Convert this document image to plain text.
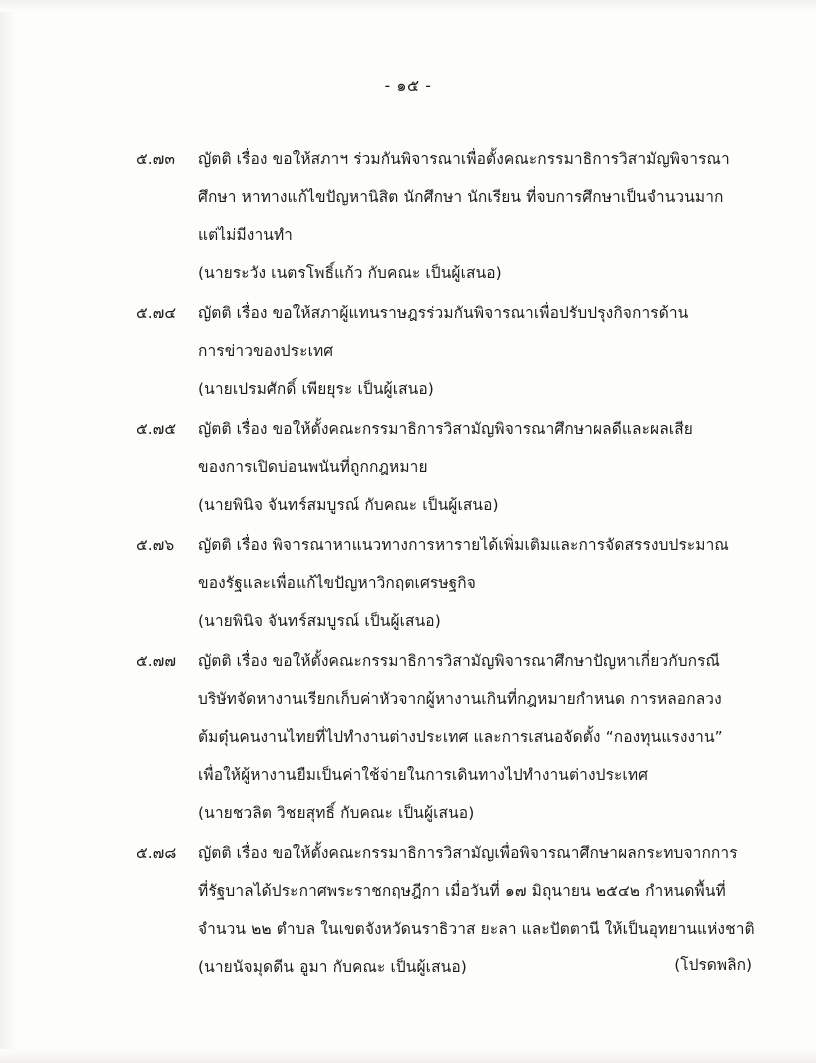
- ๑๕ -
๕.๗๓	ญัตติ เรื่อง ขอให้สภาฯ ร่วมกันพิจารณาเพื่อตั้งคณะกรรมาธิการวิสามัญพิจารณา
ศึกษา หาทางแก้ไขปัญหานิสิต นักศึกษา นักเรียน ที่จบการศึกษาเป็นจำนวนมาก
แต่ไม่มีงานทำ
(นายระวัง เนตรโพธิ์แก้ว กับคณะ เป็นผู้เสนอ)
๕.๗๔	ญัตติ เรื่อง ขอให้สภาผู้แทนราษฎรร่วมกันพิจารณาเพื่อปรับปรุงกิจการด้าน
การข่าวของประเทศ
(นายเปรมศักดิ์ เพียยุระ เป็นผู้เสนอ)
๕.๗๕	ญัตติ เรื่อง ขอให้ตั้งคณะกรรมาธิการวิสามัญพิจารณาศึกษาผลดีและผลเสีย
ของการเปิดบ่อนพนันที่ถูกกฎหมาย
(นายพินิจ จันทร์สมบูรณ์ กับคณะ เป็นผู้เสนอ)
๕.๗๖	ญัตติ เรื่อง พิจารณาหาแนวทางการหารายได้เพิ่มเติมและการจัดสรรงบประมาณ
ของรัฐและเพื่อแก้ไขปัญหาวิกฤตเศรษฐกิจ
(นายพินิจ จันทร์สมบูรณ์ เป็นผู้เสนอ)
๕.๗๗	ญัตติ เรื่อง ขอให้ตั้งคณะกรรมาธิการวิสามัญพิจารณาศึกษาปัญหาเกี่ยวกับกรณี
บริษัทจัดหางานเรียกเก็บค่าหัวจากผู้หางานเกินที่กฎหมายกำหนด การหลอกลวง
ต้มตุ๋นคนงานไทยที่ไปทำงานต่างประเทศ และการเสนอจัดตั้ง “กองทุนแรงงาน”
เพื่อให้ผู้หางานยืมเป็นค่าใช้จ่ายในการเดินทางไปทำงานต่างประเทศ
(นายชวลิต วิชยสุทธิ์ กับคณะ เป็นผู้เสนอ)
๕.๗๘	ญัตติ เรื่อง ขอให้ตั้งคณะกรรมาธิการวิสามัญเพื่อพิจารณาศึกษาผลกระทบจากการ
ที่รัฐบาลได้ประกาศพระราชกฤษฎีกา เมื่อวันที่ ๑๗ มิถุนายน ๒๕๔๒ กำหนดพื้นที่
จำนวน ๒๒ ตำบล ในเขตจังหวัดนราธิวาส ยะลา และปัตตานี ให้เป็นอุทยานแห่งชาติ
(นายนัจมุดดีน อูมา กับคณะ เป็นผู้เสนอ)	(โปรดพลิก)
